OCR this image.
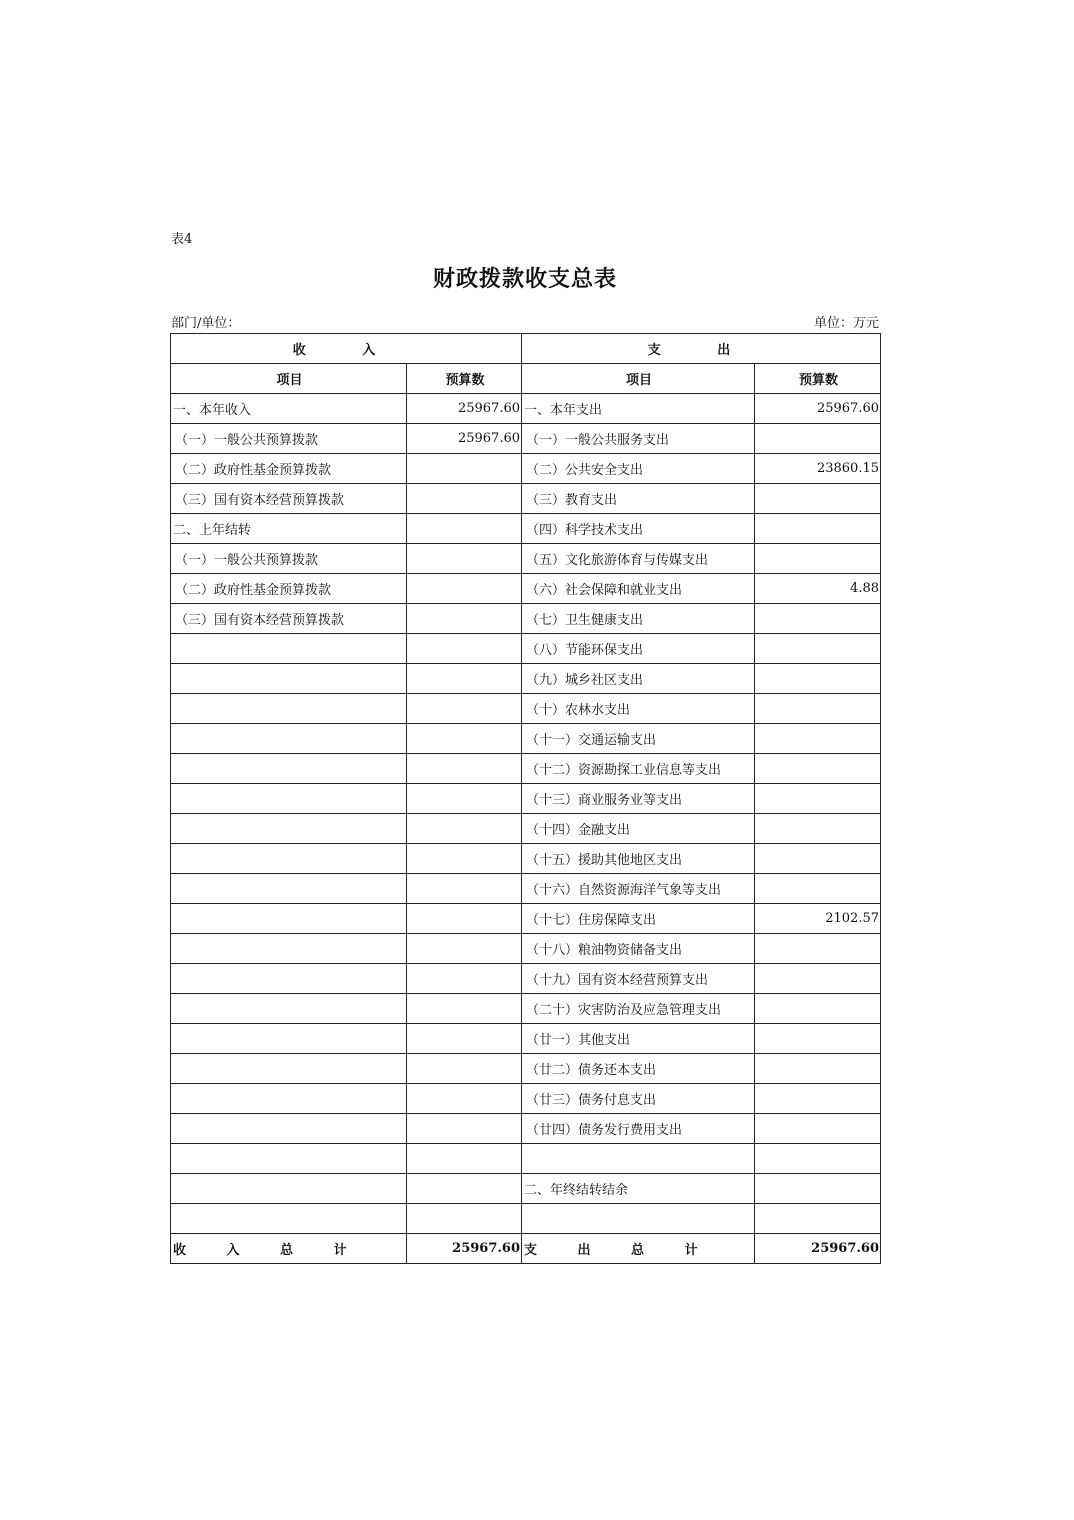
表4
财政拨款收支总表
部门/单位：	单位：万元
收 入		支 出	
项目	预算数	项目	预算数
一、本年收入	25967.60	一、本年支出	25967.60
（一）一般公共预算拨款	25967.60	（一）一般公共服务支出	
（二）政府性基金预算拨款		（二）公共安全支出	23860.15
（三）国有资本经营预算拨款		（三）教育支出	
二、上年结转		（四）科学技术支出	
（一）一般公共预算拨款		（五）文化旅游体育与传媒支出	
（二）政府性基金预算拨款		（六）社会保障和就业支出	4.88
（三）国有资本经营预算拨款		（七）卫生健康支出	
		（八）节能环保支出	
		（九）城乡社区支出	
		（十）农林水支出	
		（十一）交通运输支出	
		（十二）资源勘探工业信息等支出	
		（十三）商业服务业等支出	
		（十四）金融支出	
		（十五）援助其他地区支出	
		（十六）自然资源海洋气象等支出	
		（十七）住房保障支出	2102.57
		（十八）粮油物资储备支出	
		（十九）国有资本经营预算支出	
		（二十）灾害防治及应急管理支出	
		（廿一）其他支出	
		（廿二）债务还本支出	
		（廿三）债务付息支出	
		（廿四）债务发行费用支出	

		二、年终结转结余	

收 入 总 计	25967.60	支 出 总 计	25967.60
